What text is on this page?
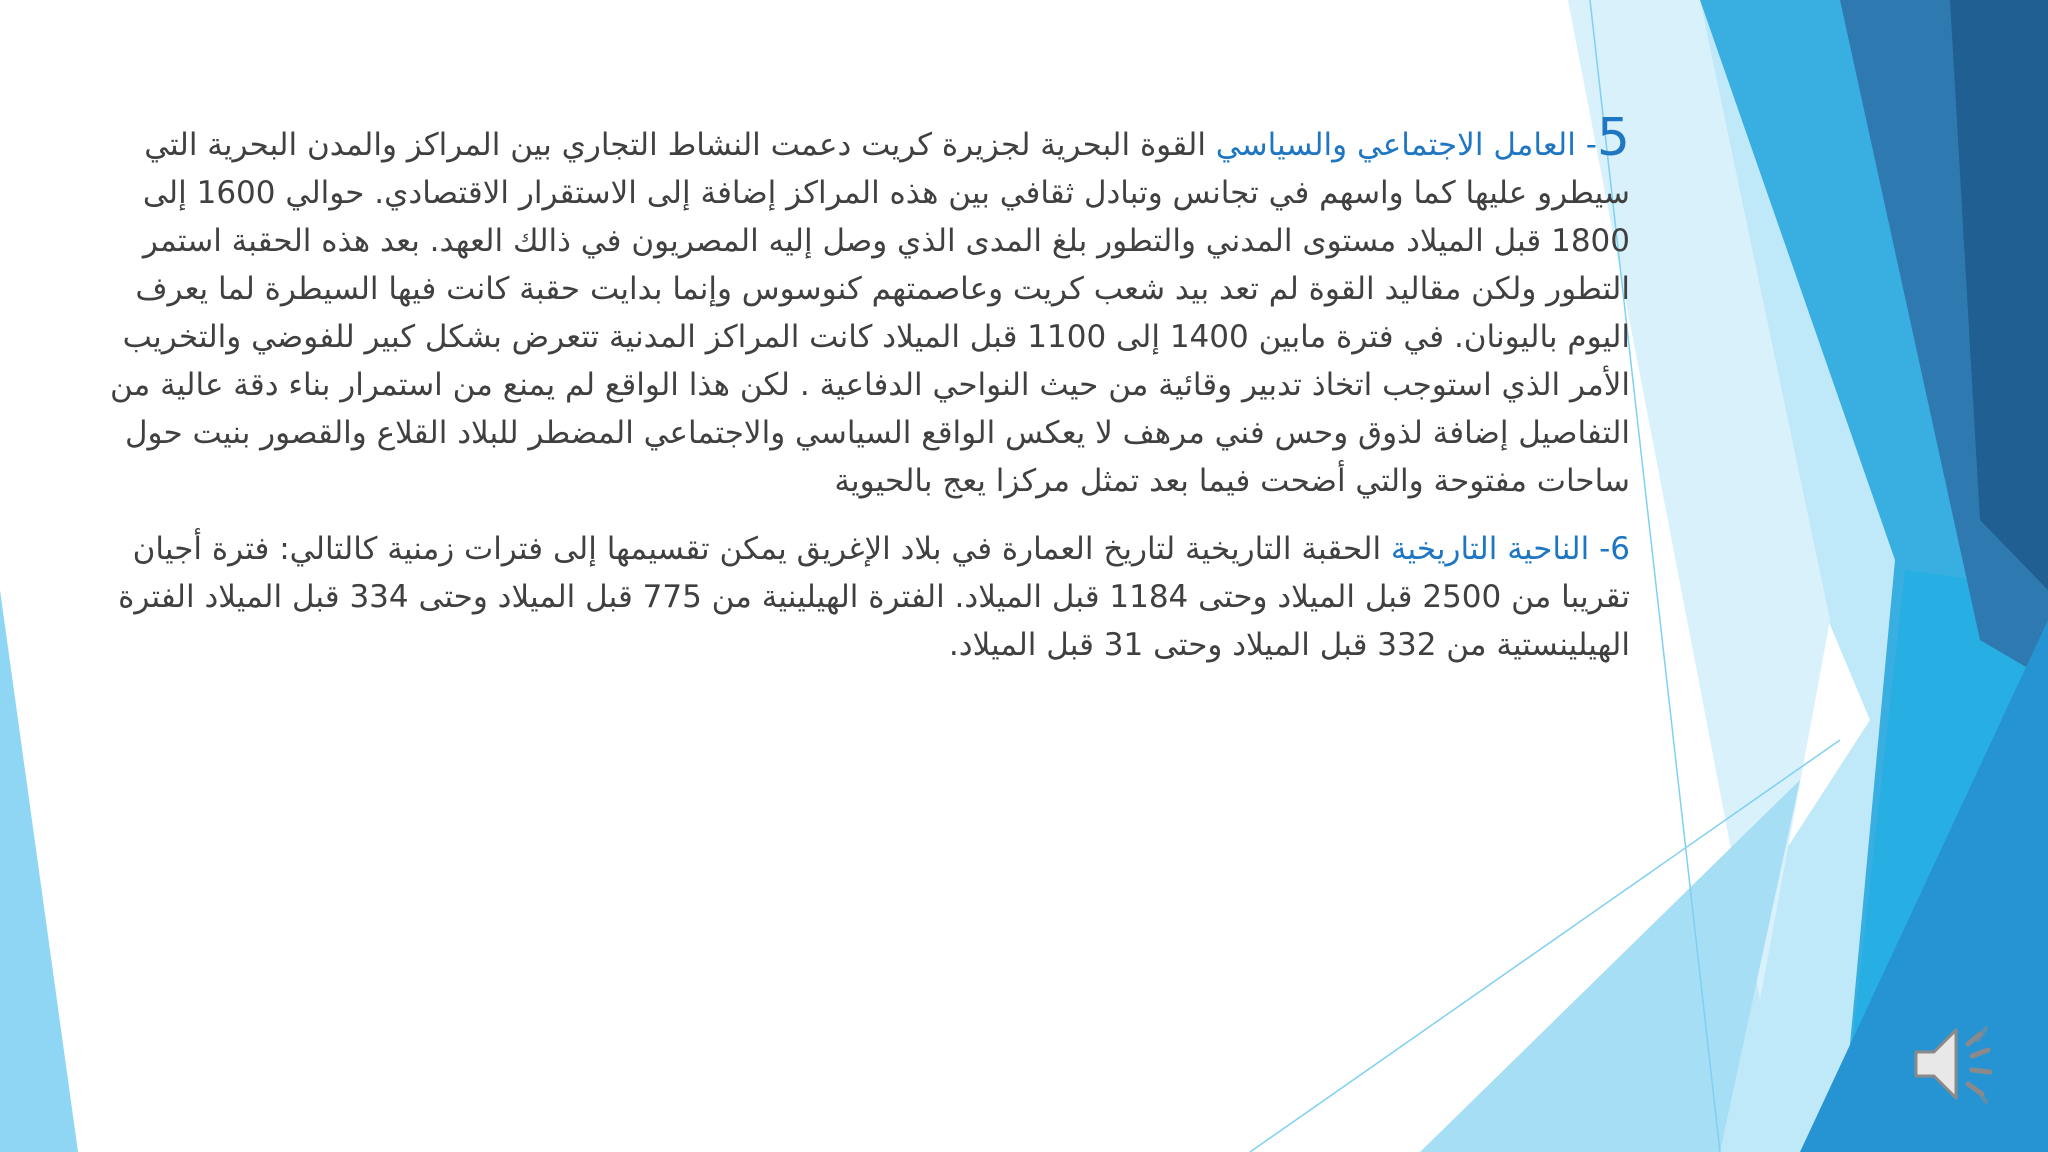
5- العامل الاجتماعي والسياسي القوة البحرية لجزيرة كريت دعمت النشاط التجاري بين المراكز والمدن البحرية التي سيطرو عليها كما واسهم في تجانس وتبادل ثقافي بين هذه المراكز إضافة إلى الاستقرار الاقتصادي. حوالي 1600 إلى 1800 قبل الميلاد مستوى المدني والتطور بلغ المدى الذي وصل إليه المصريون في ذالك العهد. بعد هذه الحقبة استمر التطور ولكن مقاليد القوة لم تعد بيد شعب كريت وعاصمتهم كنوسوس وإنما بدايت حقبة كانت فيها السيطرة لما يعرف اليوم باليونان. في فترة مابين 1400 إلى 1100 قبل الميلاد كانت المراكز المدنية تتعرض بشكل كبير للفوضي والتخريب الأمر الذي استوجب اتخاذ تدبير وقائية من حيث النواحي الدفاعية . لكن هذا الواقع لم يمنع من استمرار بناء دقة عالية من التفاصيل إضافة لذوق وحس فني مرهف لا يعكس الواقع السياسي والاجتماعي المضطر للبلاد القلاع والقصور بنيت حول ساحات مفتوحة والتي أضحت فيما بعد تمثل مركزا يعج بالحيوية

6- الناحية التاريخية الحقبة التاريخية لتاريخ العمارة في بلاد الإغريق يمكن تقسيمها إلى فترات زمنية كالتالي: فترة أجيان تقريبا من 2500 قبل الميلاد وحتى 1184 قبل الميلاد. الفترة الهيلينية من 775 قبل الميلاد وحتى 334 قبل الميلاد الفترة الهيلينستية من 332 قبل الميلاد وحتى 31 قبل الميلاد.
